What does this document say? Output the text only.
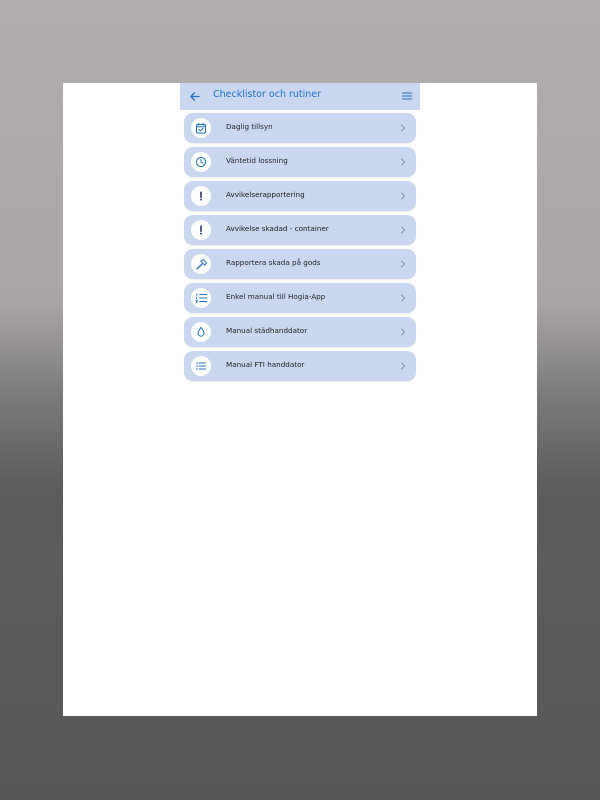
Checklistor och rutiner
Daglig tillsyn
Väntetid lossning
Avvikelserapportering
Avvikelse skadad - container
Rapportera skada på gods
Enkel manual till Hogia-App
Manual städhanddator
Manual FTI handdator
